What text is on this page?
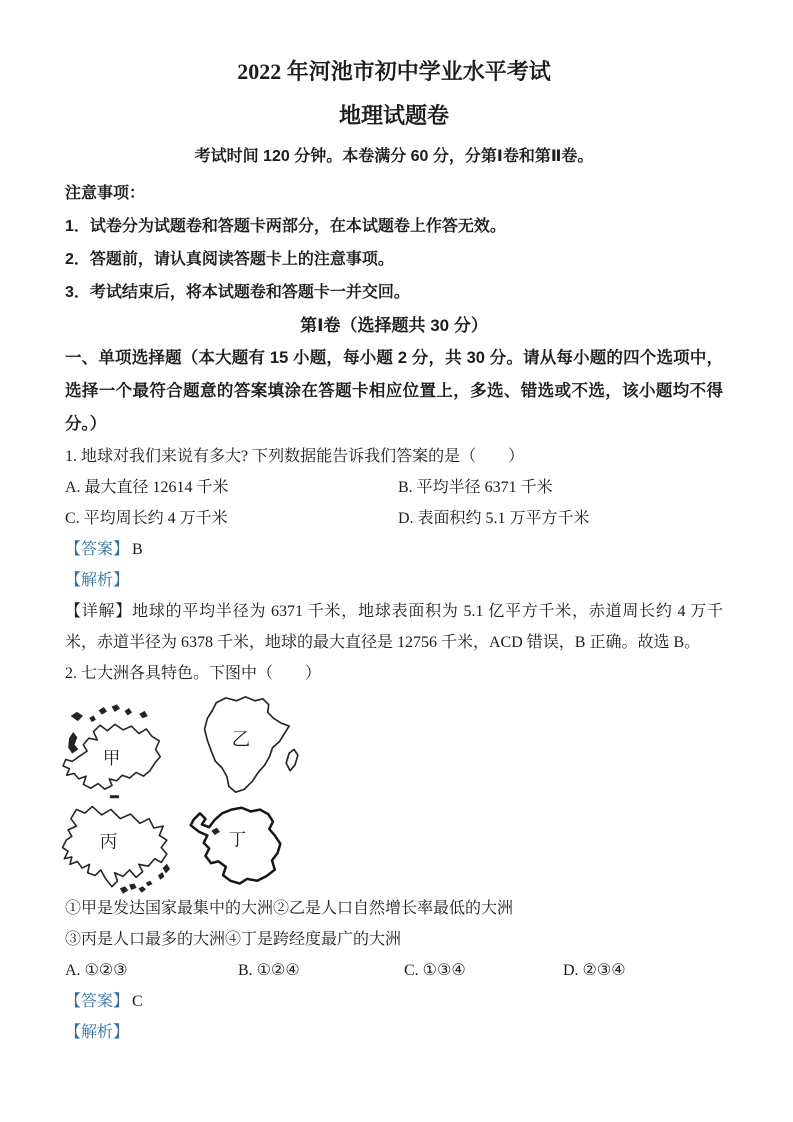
2022 年河池市初中学业水平考试
地理试题卷
考试时间 120 分钟。本卷满分 60 分，分第Ⅰ卷和第Ⅱ卷。
注意事项：
1．试卷分为试题卷和答题卡两部分，在本试题卷上作答无效。
2．答题前，请认真阅读答题卡上的注意事项。
3．考试结束后，将本试题卷和答题卡一并交回。
第Ⅰ卷（选择题共 30 分）
一、单项选择题（本大题有 15 小题，每小题 2 分，共 30 分。请从每小题的四个选项中，选择一个最符合题意的答案填涂在答题卡相应位置上，多选、错选或不选，该小题均不得分。）
1. 地球对我们来说有多大? 下列数据能告诉我们答案的是（　　）
A. 最大直径 12614 千米	B. 平均半径 6371 千米
C. 平均周长约 4 万千米	D. 表面积约 5.1 万平方千米
【答案】 B
【解析】
【详解】地球的平均半径为 6371 千米，地球表面积为 5.1 亿平方千米，赤道周长约 4 万千米，赤道半径为 6378 千米，地球的最大直径是 12756 千米，ACD 错误，B 正确。故选 B。
2. 七大洲各具特色。下图中（　　）
甲
乙
丙	丁
①甲是发达国家最集中的大洲②乙是人口自然增长率最低的大洲
③丙是人口最多的大洲④丁是跨经度最广的大洲
A. ①②③	B. ①②④	C. ①③④	D. ②③④
【答案】 C
【解析】
